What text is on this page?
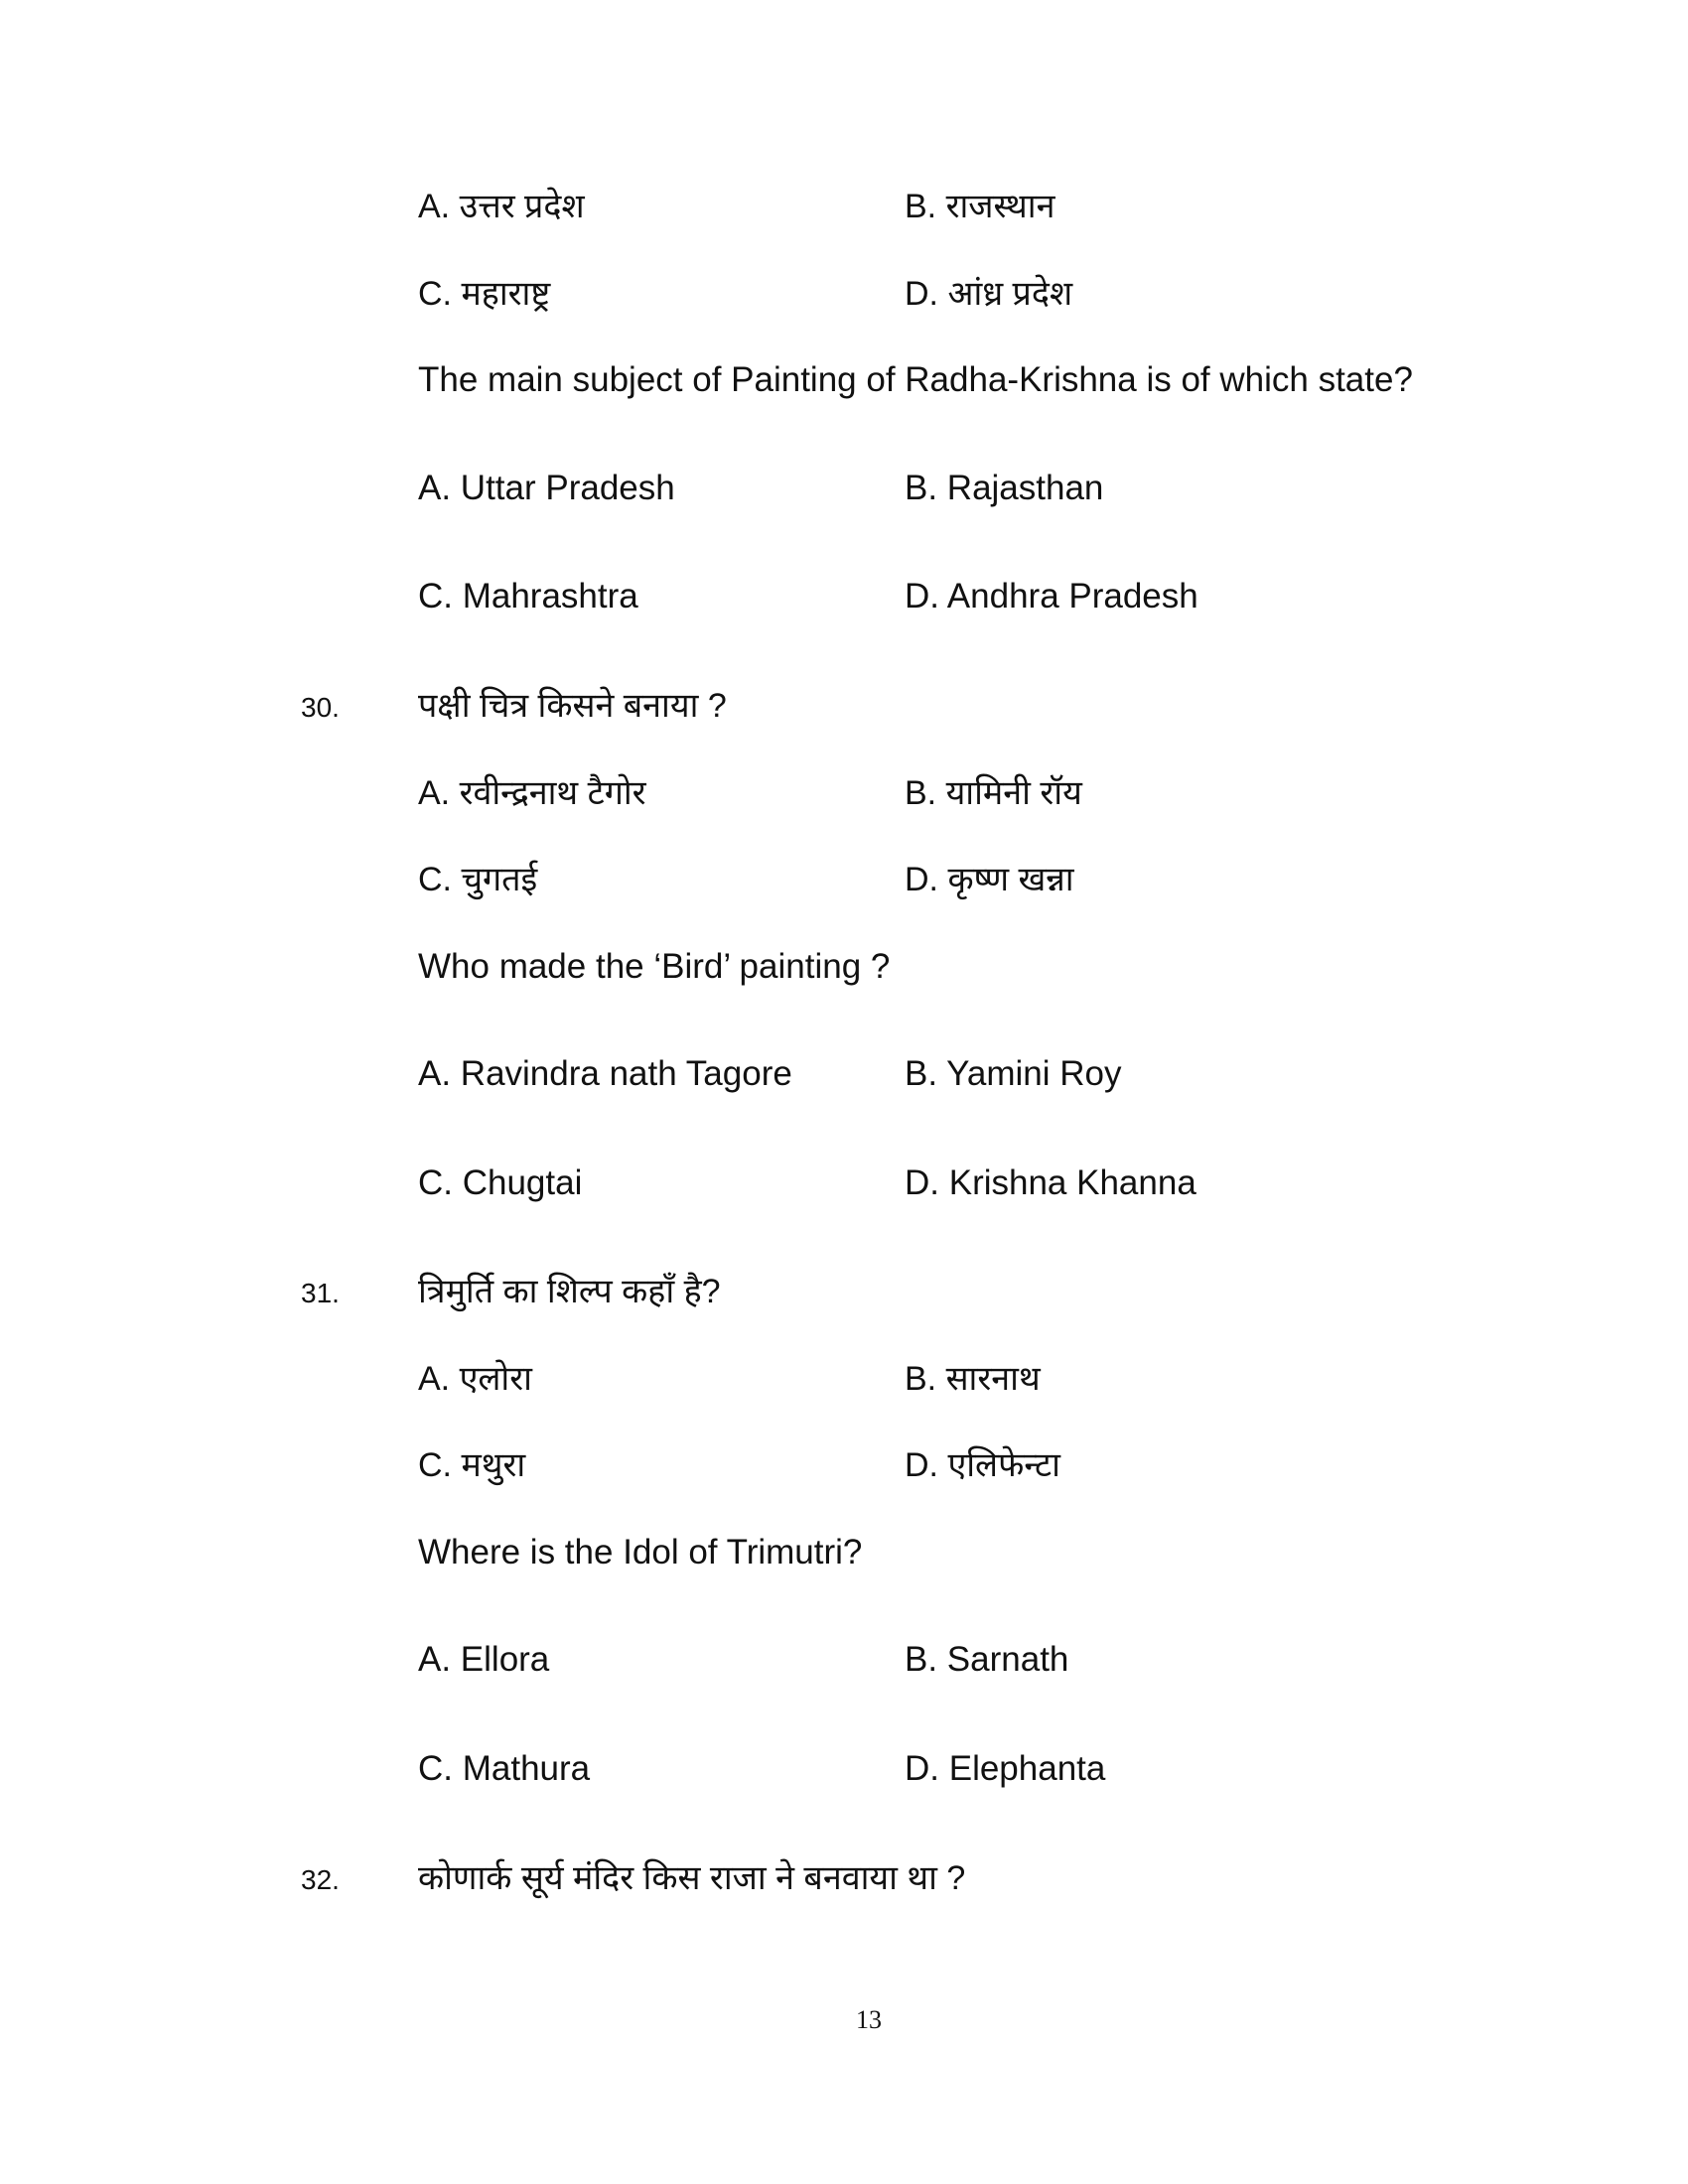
A. उत्तर प्रदेश	B. राजस्थान
C. महाराष्ट्र	D. आंध्र प्रदेश
The main subject of Painting of Radha-Krishna is of which state?
A. Uttar Pradesh	B. Rajasthan
C. Mahrashtra	D. Andhra Pradesh
30. पक्षी चित्र किसने बनाया ?
A. रवीन्द्रनाथ टैगोर	B. यामिनी रॉय
C. चुगतई	D. कृष्ण खन्ना
Who made the ‘Bird’ painting ?
A. Ravindra nath Tagore	B. Yamini Roy
C. Chugtai	D. Krishna Khanna
31. त्रिमुर्ति का शिल्प कहाँ है?
A. एलोरा	B. सारनाथ
C. मथुरा	D. एलिफेन्टा
Where is the Idol of Trimutri?
A. Ellora	B. Sarnath
C. Mathura	D. Elephanta
32. कोणार्क सूर्य मंदिर किस राजा ने बनवाया था ?
13
